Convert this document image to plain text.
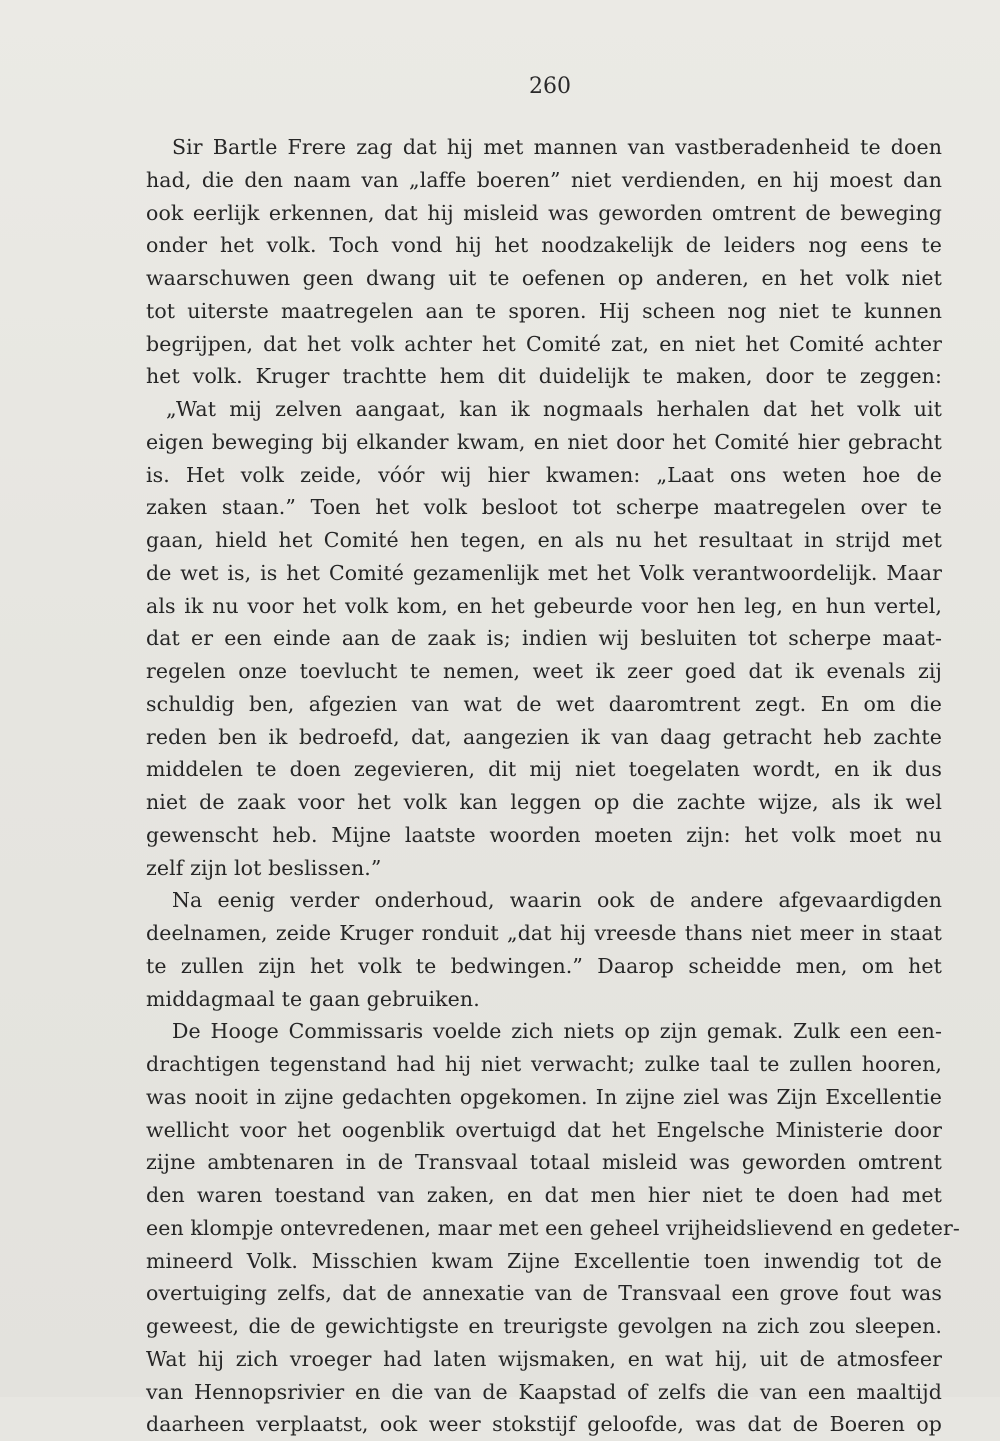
260
Sir Bartle Frere zag dat hij met mannen van vastberadenheid te doen
had, die den naam van „laffe boeren” niet verdienden, en hij moest dan
ook eerlijk erkennen, dat hij misleid was geworden omtrent de beweging
onder het volk. Toch vond hij het noodzakelijk de leiders nog eens te
waarschuwen geen dwang uit te oefenen op anderen, en het volk niet
tot uiterste maatregelen aan te sporen. Hij scheen nog niet te kunnen
begrijpen, dat het volk achter het Comité zat, en niet het Comité achter
het volk. Kruger trachtte hem dit duidelijk te maken, door te zeggen:
„Wat mij zelven aangaat, kan ik nogmaals herhalen dat het volk uit
eigen beweging bij elkander kwam, en niet door het Comité hier gebracht
is. Het volk zeide, vóór wij hier kwamen: „Laat ons weten hoe de
zaken staan.” Toen het volk besloot tot scherpe maatregelen over te
gaan, hield het Comité hen tegen, en als nu het resultaat in strijd met
de wet is, is het Comité gezamenlijk met het Volk verantwoordelijk. Maar
als ik nu voor het volk kom, en het gebeurde voor hen leg, en hun vertel,
dat er een einde aan de zaak is; indien wij besluiten tot scherpe maat-
regelen onze toevlucht te nemen, weet ik zeer goed dat ik evenals zij
schuldig ben, afgezien van wat de wet daaromtrent zegt. En om die
reden ben ik bedroefd, dat, aangezien ik van daag getracht heb zachte
middelen te doen zegevieren, dit mij niet toegelaten wordt, en ik dus
niet de zaak voor het volk kan leggen op die zachte wijze, als ik wel
gewenscht heb. Mijne laatste woorden moeten zijn: het volk moet nu
zelf zijn lot beslissen.”
Na eenig verder onderhoud, waarin ook de andere afgevaardigden
deelnamen, zeide Kruger ronduit „dat hij vreesde thans niet meer in staat
te zullen zijn het volk te bedwingen.” Daarop scheidde men, om het
middagmaal te gaan gebruiken.
De Hooge Commissaris voelde zich niets op zijn gemak. Zulk een een-
drachtigen tegenstand had hij niet verwacht; zulke taal te zullen hooren,
was nooit in zijne gedachten opgekomen. In zijne ziel was Zijn Excellentie
wellicht voor het oogenblik overtuigd dat het Engelsche Ministerie door
zijne ambtenaren in de Transvaal totaal misleid was geworden omtrent
den waren toestand van zaken, en dat men hier niet te doen had met
een klompje ontevredenen, maar met een geheel vrijheidslievend en gedeter-
mineerd Volk. Misschien kwam Zijne Excellentie toen inwendig tot de
overtuiging zelfs, dat de annexatie van de Transvaal een grove fout was
geweest, die de gewichtigste en treurigste gevolgen na zich zou sleepen.
Wat hij zich vroeger had laten wijsmaken, en wat hij, uit de atmosfeer
van Hennopsrivier en die van de Kaapstad of zelfs die van een maaltijd
daarheen verplaatst, ook weer stokstijf geloofde, was dat de Boeren op
